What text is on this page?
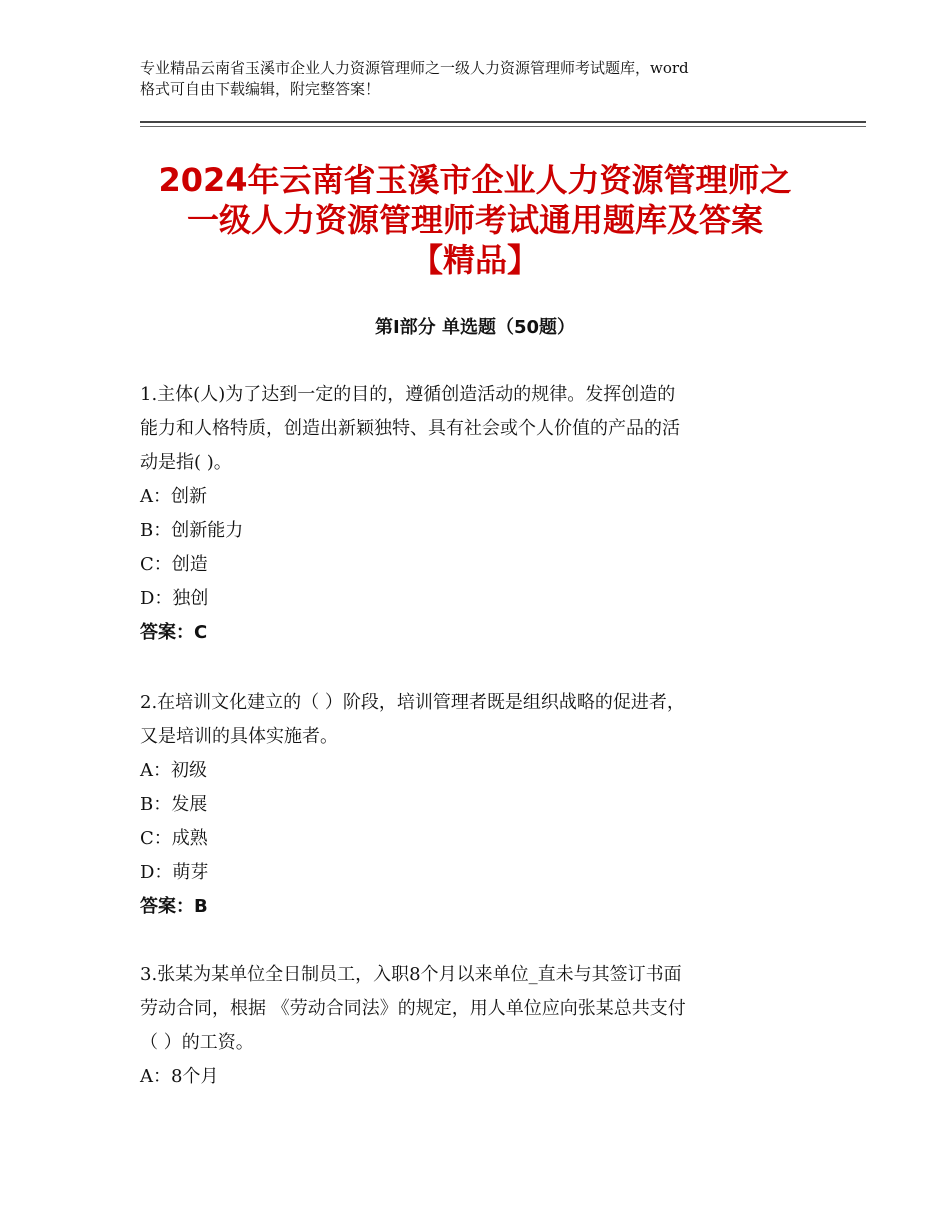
专业精品云南省玉溪市企业人力资源管理师之一级人力资源管理师考试题库，word
格式可自由下载编辑，附完整答案！
2024年云南省玉溪市企业人力资源管理师之
一级人力资源管理师考试通用题库及答案
【精品】
第Ⅰ部分 单选题（50题）
1.主体(人)为了达到一定的目的，遵循创造活动的规律。发挥创造的
能力和人格特质，创造出新颖独特、具有社会或个人价值的产品的活
动是指( )。
A：创新
B：创新能力
C：创造
D：独创
答案：C
2.在培训文化建立的（ ）阶段，培训管理者既是组织战略的促进者，
又是培训的具体实施者。
A：初级
B：发展
C：成熟
D：萌芽
答案：B
3.张某为某单位全日制员工，入职8个月以来单位_直未与其签订书面
劳动合同，根据 《劳动合同法》的规定，用人单位应向张某总共支付
（ ）的工资。
A：8个月
